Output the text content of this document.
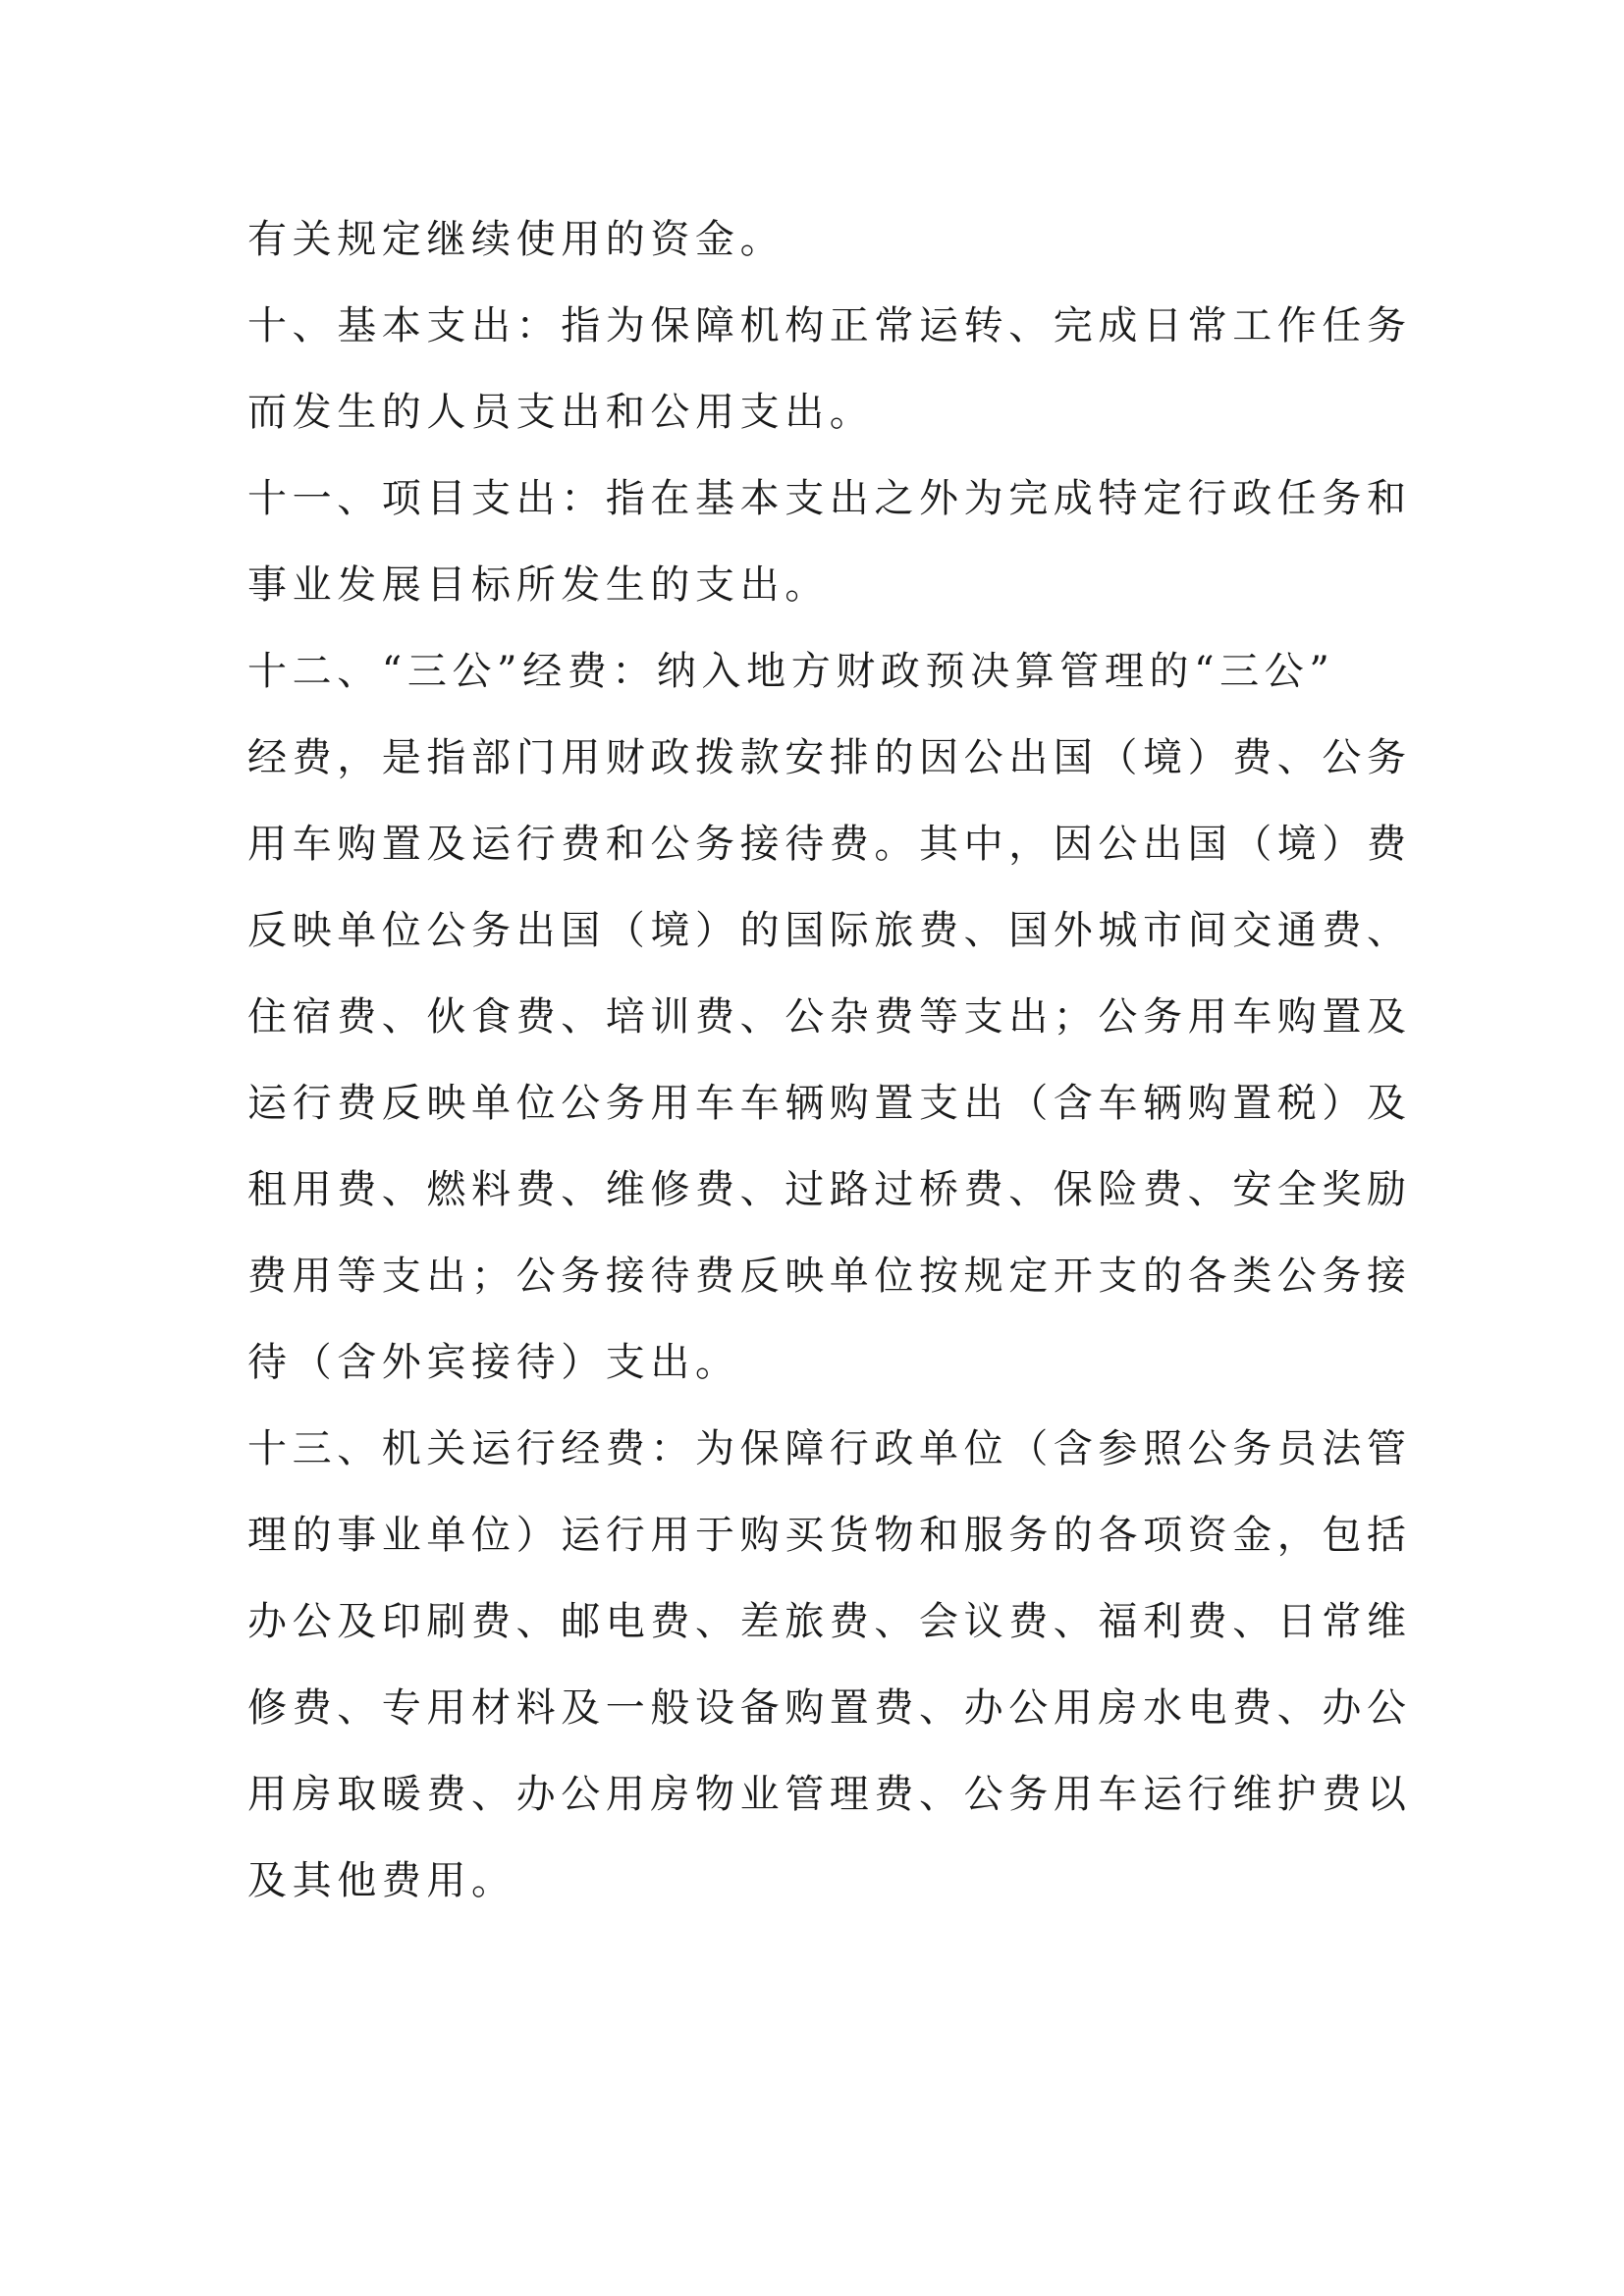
有关规定继续使用的资金。
十、基本支出：指为保障机构正常运转、完成日常工作任务
而发生的人员支出和公用支出。
十一、项目支出：指在基本支出之外为完成特定行政任务和
事业发展目标所发生的支出。
十二、“三公”经费：纳入地方财政预决算管理的“三公”
经费，是指部门用财政拨款安排的因公出国（境）费、公务
用车购置及运行费和公务接待费。其中，因公出国（境）费
反映单位公务出国（境）的国际旅费、国外城市间交通费、
住宿费、伙食费、培训费、公杂费等支出；公务用车购置及
运行费反映单位公务用车车辆购置支出（含车辆购置税）及
租用费、燃料费、维修费、过路过桥费、保险费、安全奖励
费用等支出；公务接待费反映单位按规定开支的各类公务接
待（含外宾接待）支出。
十三、机关运行经费：为保障行政单位（含参照公务员法管
理的事业单位）运行用于购买货物和服务的各项资金，包括
办公及印刷费、邮电费、差旅费、会议费、福利费、日常维
修费、专用材料及一般设备购置费、办公用房水电费、办公
用房取暖费、办公用房物业管理费、公务用车运行维护费以
及其他费用。
